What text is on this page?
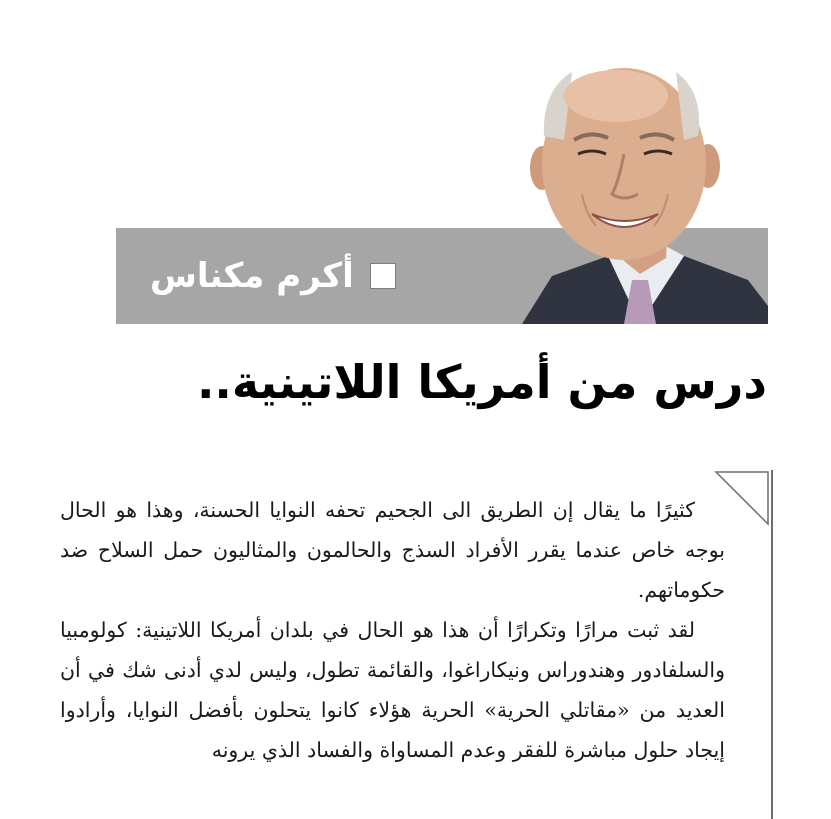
أكرم مكناس
درس من أمريكا اللاتينية..

كثيرًا ما يقال إن الطريق الى الجحيم تحفه النوايا الحسنة، وهذا هو الحال بوجه خاص عندما يقرر الأفراد السذج والحالمون والمثاليون حمل السلاح ضد حكوماتهم.

لقد ثبت مرارًا وتكرارًا أن هذا هو الحال في بلدان أمريكا اللاتينية: كولومبيا والسلفادور وهندوراس ونيكاراغوا، والقائمة تطول، وليس لدي أدنى شك في أن العديد من «مقاتلي الحرية» الحرية هؤلاء كانوا يتحلون بأفضل النوايا، وأرادوا إيجاد حلول مباشرة للفقر وعدم المساواة والفساد الذي يرونه
